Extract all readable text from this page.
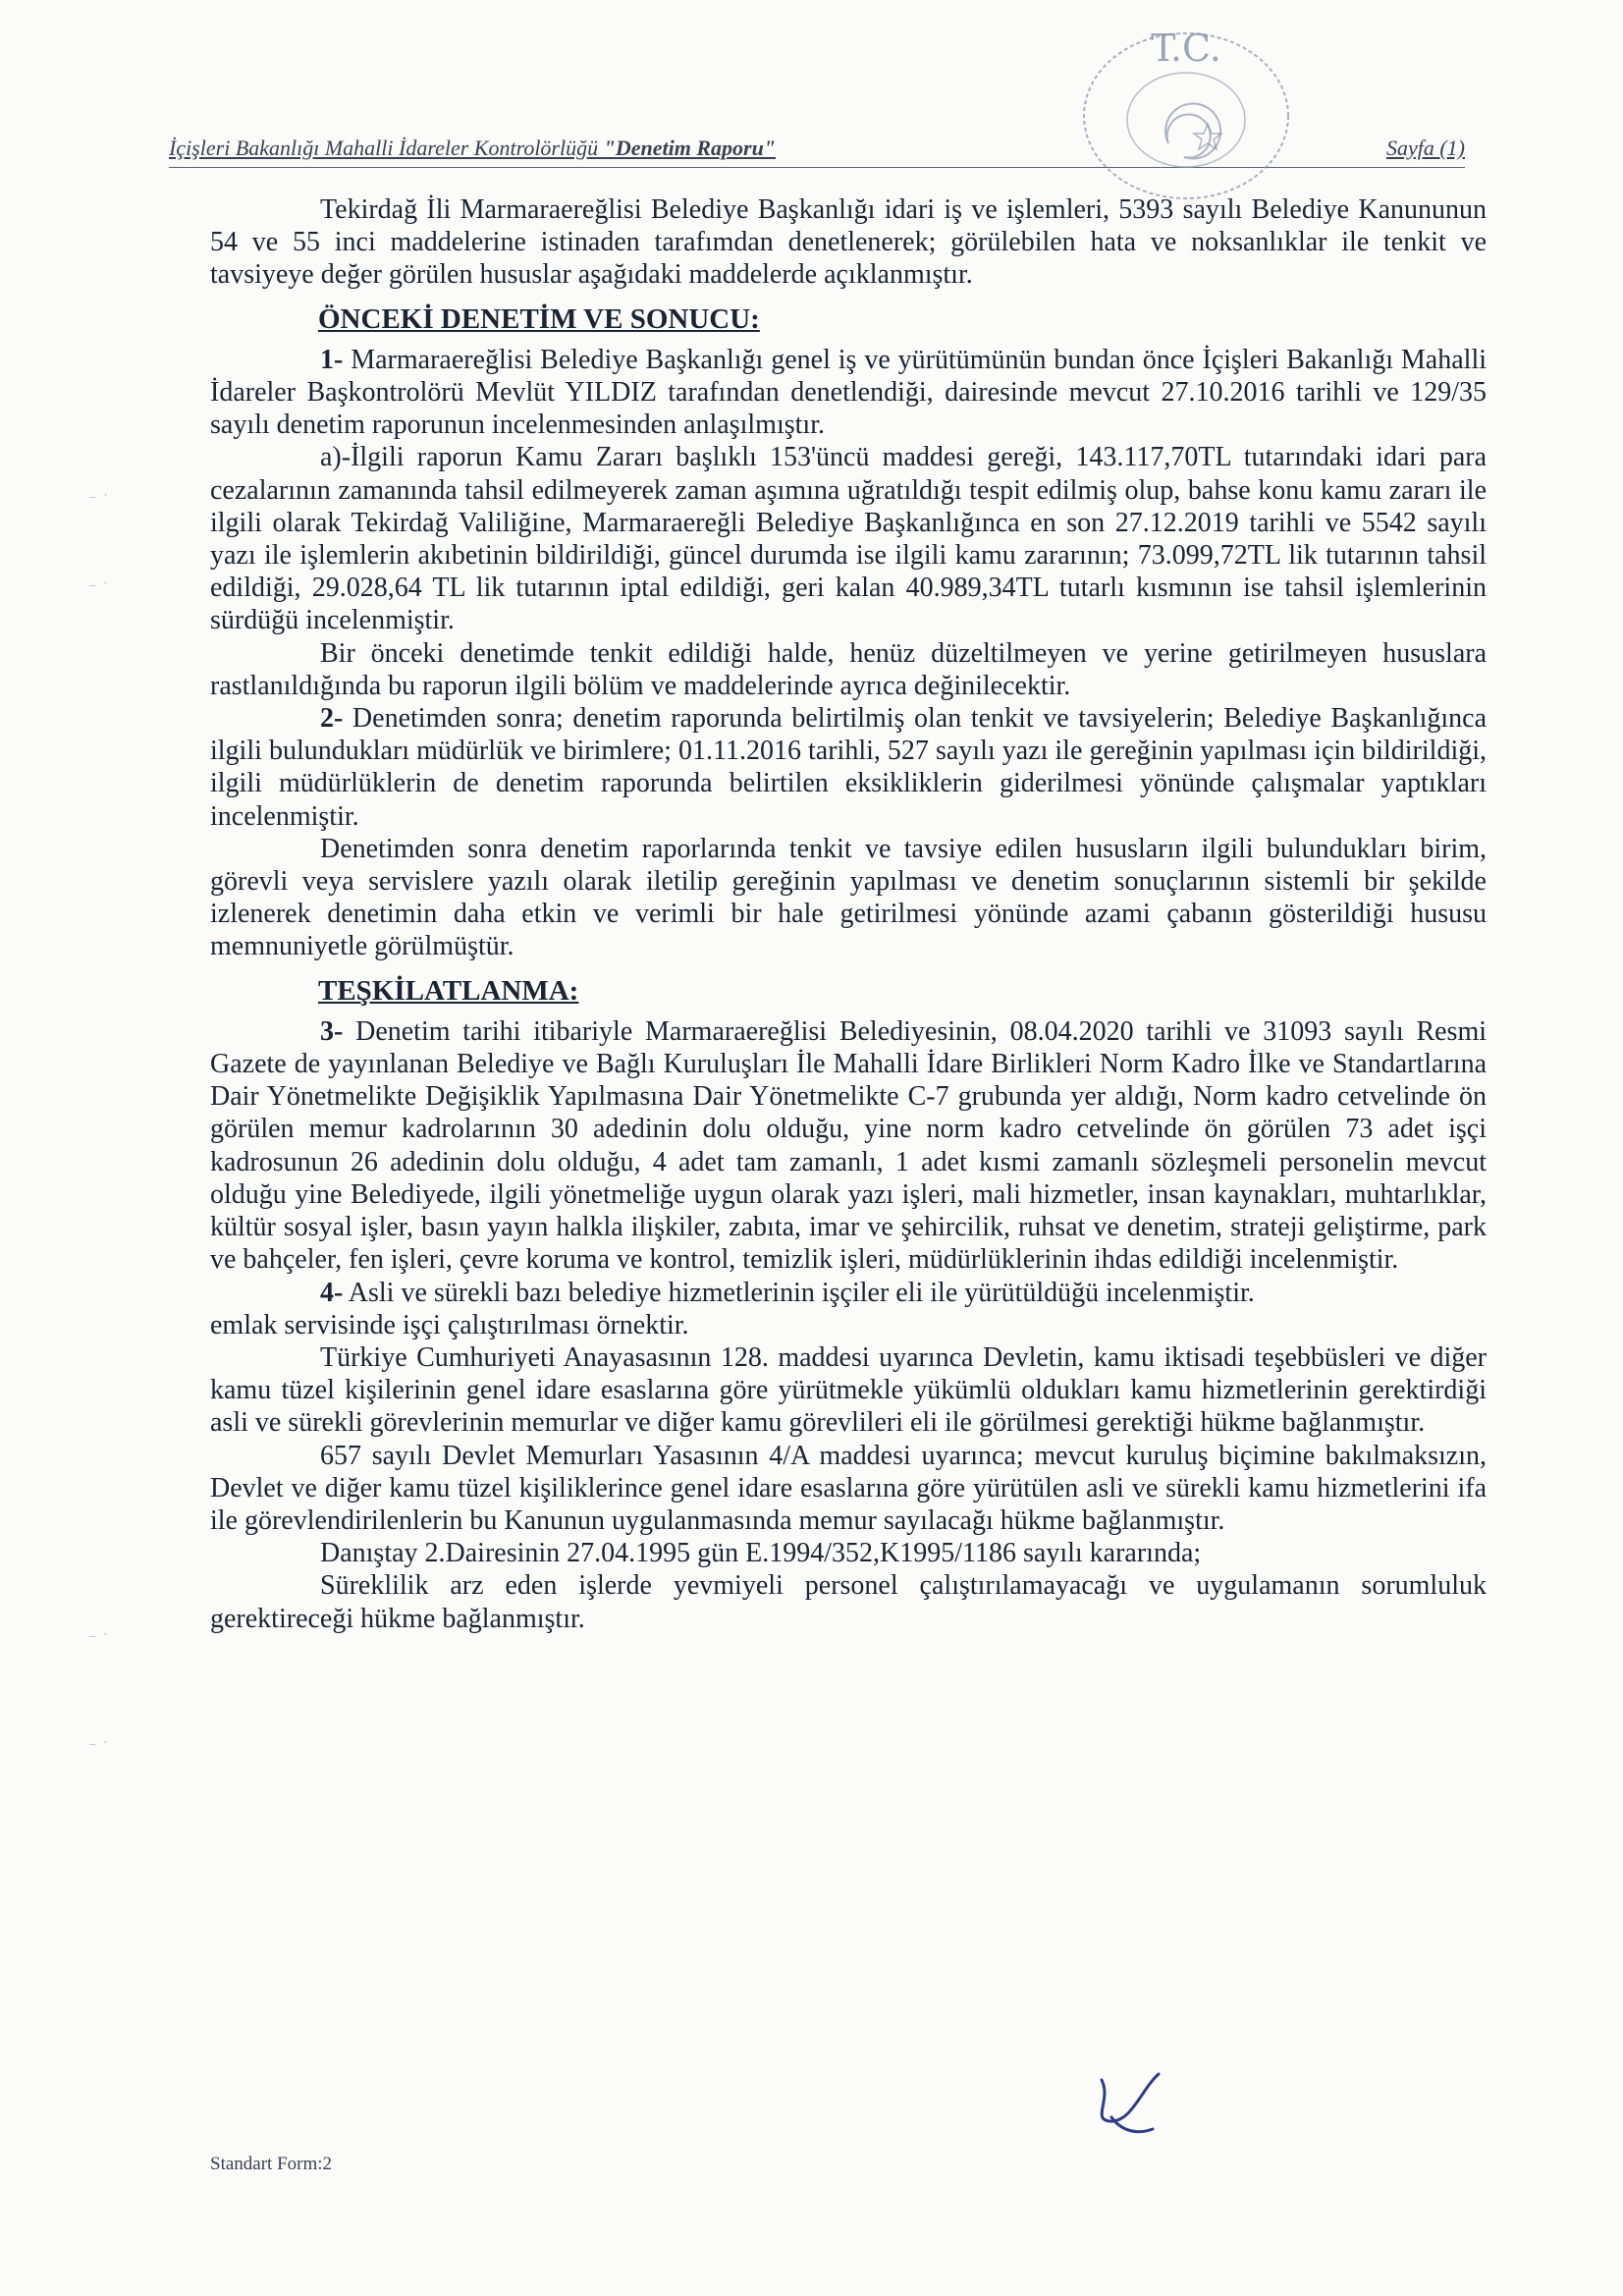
İçişleri Bakanlığı Mahalli İdareler Kontrolörlüğü "Denetim Raporu"	Sayfa (1)
T.C.

Tekirdağ İli Marmaraereğlisi Belediye Başkanlığı idari iş ve işlemleri, 5393 sayılı Belediye Kanununun 54 ve 55 inci maddelerine istinaden tarafımdan denetlenerek; görülebilen hata ve noksanlıklar ile tenkit ve tavsiyeye değer görülen hususlar aşağıdaki maddelerde açıklanmıştır.

ÖNCEKİ DENETİM VE SONUCU:

1- Marmaraereğlisi Belediye Başkanlığı genel iş ve yürütümünün bundan önce İçişleri Bakanlığı Mahalli İdareler Başkontrolörü Mevlüt YILDIZ tarafından denetlendiği, dairesinde mevcut 27.10.2016 tarihli ve 129/35 sayılı denetim raporunun incelenmesinden anlaşılmıştır.

a)-İlgili raporun Kamu Zararı başlıklı 153'üncü maddesi gereği, 143.117,70TL tutarındaki idari para cezalarının zamanında tahsil edilmeyerek zaman aşımına uğratıldığı tespit edilmiş olup, bahse konu kamu zararı ile ilgili olarak Tekirdağ Valiliğine, Marmaraereğli Belediye Başkanlığınca en son 27.12.2019 tarihli ve 5542 sayılı yazı ile işlemlerin akıbetinin bildirildiği, güncel durumda ise ilgili kamu zararının; 73.099,72TL lik tutarının tahsil edildiği, 29.028,64 TL lik tutarının iptal edildiği, geri kalan 40.989,34TL tutarlı kısmının ise tahsil işlemlerinin sürdüğü incelenmiştir.

Bir önceki denetimde tenkit edildiği halde, henüz düzeltilmeyen ve yerine getirilmeyen hususlara rastlanıldığında bu raporun ilgili bölüm ve maddelerinde ayrıca değinilecektir.

2- Denetimden sonra; denetim raporunda belirtilmiş olan tenkit ve tavsiyelerin; Belediye Başkanlığınca ilgili bulundukları müdürlük ve birimlere; 01.11.2016 tarihli, 527 sayılı yazı ile gereğinin yapılması için bildirildiği, ilgili müdürlüklerin de denetim raporunda belirtilen eksikliklerin giderilmesi yönünde çalışmalar yaptıkları incelenmiştir.

Denetimden sonra denetim raporlarında tenkit ve tavsiye edilen hususların ilgili bulundukları birim, görevli veya servislere yazılı olarak iletilip gereğinin yapılması ve denetim sonuçlarının sistemli bir şekilde izlenerek denetimin daha etkin ve verimli bir hale getirilmesi yönünde azami çabanın gösterildiği hususu memnuniyetle görülmüştür.

TEŞKİLATLANMA:

3- Denetim tarihi itibariyle Marmaraereğlisi Belediyesinin, 08.04.2020 tarihli ve 31093 sayılı Resmi Gazete de yayınlanan Belediye ve Bağlı Kuruluşları İle Mahalli İdare Birlikleri Norm Kadro İlke ve Standartlarına Dair Yönetmelikte Değişiklik Yapılmasına Dair Yönetmelikte C-7 grubunda yer aldığı, Norm kadro cetvelinde ön görülen memur kadrolarının 30 adedinin dolu olduğu, yine norm kadro cetvelinde ön görülen 73 adet işçi kadrosunun 26 adedinin dolu olduğu, 4 adet tam zamanlı, 1 adet kısmi zamanlı sözleşmeli personelin mevcut olduğu yine Belediyede, ilgili yönetmeliğe uygun olarak yazı işleri, mali hizmetler, insan kaynakları, muhtarlıklar, kültür sosyal işler, basın yayın halkla ilişkiler, zabıta, imar ve şehircilik, ruhsat ve denetim, strateji geliştirme, park ve bahçeler, fen işleri, çevre koruma ve kontrol, temizlik işleri, müdürlüklerinin ihdas edildiği incelenmiştir.

4- Asli ve sürekli bazı belediye hizmetlerinin işçiler eli ile yürütüldüğü incelenmiştir.

emlak servisinde işçi çalıştırılması örnektir.

Türkiye Cumhuriyeti Anayasasının 128. maddesi uyarınca Devletin, kamu iktisadi teşebbüsleri ve diğer kamu tüzel kişilerinin genel idare esaslarına göre yürütmekle yükümlü oldukları kamu hizmetlerinin gerektirdiği asli ve sürekli görevlerinin memurlar ve diğer kamu görevlileri eli ile görülmesi gerektiği hükme bağlanmıştır.

657 sayılı Devlet Memurları Yasasının 4/A maddesi uyarınca; mevcut kuruluş biçimine bakılmaksızın, Devlet ve diğer kamu tüzel kişiliklerince genel idare esaslarına göre yürütülen asli ve sürekli kamu hizmetlerini ifa ile görevlendirilenlerin bu Kanunun uygulanmasında memur sayılacağı hükme bağlanmıştır.

Danıştay 2.Dairesinin 27.04.1995 gün E.1994/352,K1995/1186 sayılı kararında;

Süreklilik arz eden işlerde yevmiyeli personel çalıştırılamayacağı ve uygulamanın sorumluluk gerektireceği hükme bağlanmıştır.

⁻ ˙
⁻ ˙
⁻ ˙
⁻ ˙
Standart Form:2
